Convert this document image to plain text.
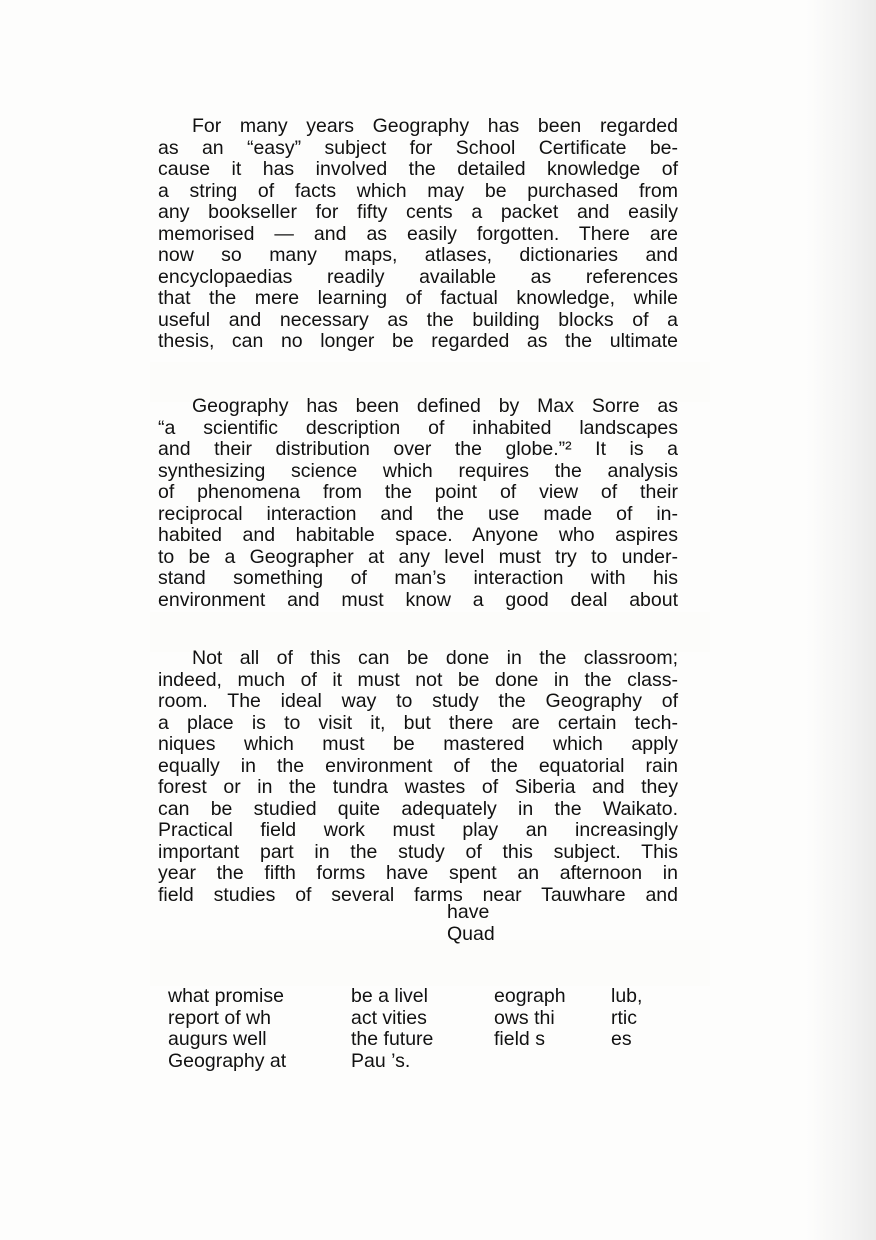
For many years Geography has been regarded
as an “easy” subject for School Certificate be-
cause it has involved the detailed knowledge of
a string of facts which may be purchased from
any bookseller for fifty cents a packet and easily
memorised — and as easily forgotten. There are
now so many maps, atlases, dictionaries and
encyclopaedias readily available as references
that the mere learning of factual knowledge, while
useful and necessary as the building blocks of a
thesis, can no longer be regarded as the ultimate
Geography has been defined by Max Sorre as
“a scientific description of inhabited landscapes
and their distribution over the globe.”² It is a
synthesizing science which requires the analysis
of phenomena from the point of view of their
reciprocal interaction and the use made of in-
habited and habitable space. Anyone who aspires
to be a Geographer at any level must try to under-
stand something of man’s interaction with his
environment and must know a good deal about
Not all of this can be done in the classroom;
indeed, much of it must not be done in the class-
room. The ideal way to study the Geography of
a place is to visit it, but there are certain tech-
niques which must be mastered which apply
equally in the environment of the equatorial rain
forest or in the tundra wastes of Siberia and they
can be studied quite adequately in the Waikato.
Practical field work must play an increasingly
important part in the study of this subject. This
year the fifth forms have spent an afternoon in
field studies of several farms near Tauwhare and
have
Quad
what promise
report of wh
augurs well
Geography at
be a livel
act vities
the future
Pau ’s.
eograph
ows thi
field s
lub,
rtic
es
